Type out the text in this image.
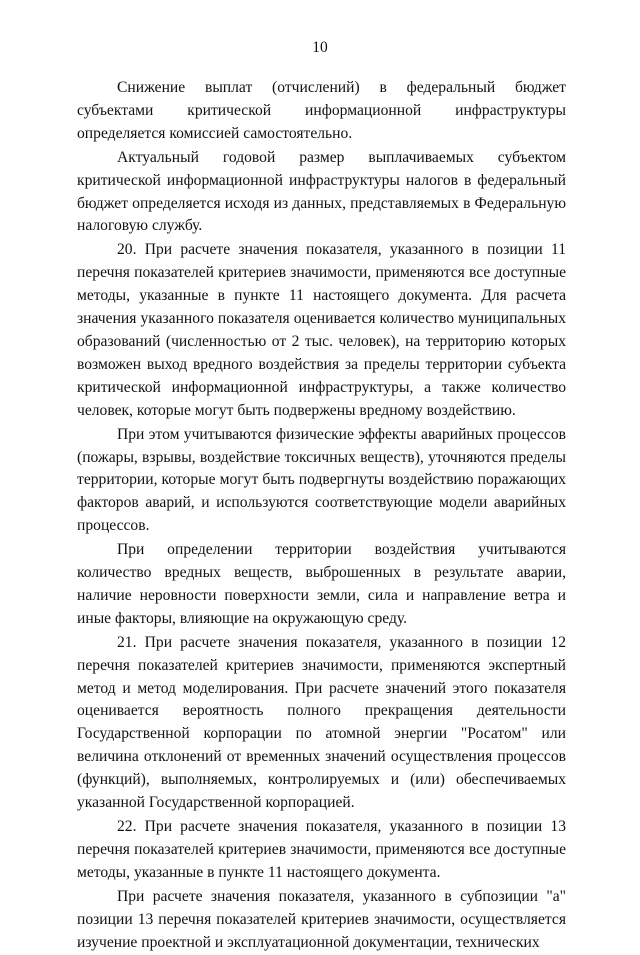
10

Снижение выплат (отчислений) в федеральный бюджет субъектами критической информационной инфраструктуры определяется комиссией самостоятельно.

Актуальный годовой размер выплачиваемых субъектом критической информационной инфраструктуры налогов в федеральный бюджет определяется исходя из данных, представляемых в Федеральную налоговую службу.

20. При расчете значения показателя, указанного в позиции 11 перечня показателей критериев значимости, применяются все доступные методы, указанные в пункте 11 настоящего документа. Для расчета значения указанного показателя оценивается количество муниципальных образований (численностью от 2 тыс. человек), на территорию которых возможен выход вредного воздействия за пределы территории субъекта критической информационной инфраструктуры, а также количество человек, которые могут быть подвержены вредному воздействию.

При этом учитываются физические эффекты аварийных процессов (пожары, взрывы, воздействие токсичных веществ), уточняются пределы территории, которые могут быть подвергнуты воздействию поражающих факторов аварий, и используются соответствующие модели аварийных процессов.

При определении территории воздействия учитываются количество вредных веществ, выброшенных в результате аварии, наличие неровности поверхности земли, сила и направление ветра и иные факторы, влияющие на окружающую среду.

21. При расчете значения показателя, указанного в позиции 12 перечня показателей критериев значимости, применяются экспертный метод и метод моделирования. При расчете значений этого показателя оценивается вероятность полного прекращения деятельности Государственной корпорации по атомной энергии "Росатом" или величина отклонений от временных значений осуществления процессов (функций), выполняемых, контролируемых и (или) обеспечиваемых указанной Государственной корпорацией.

22. При расчете значения показателя, указанного в позиции 13 перечня показателей критериев значимости, применяются все доступные методы, указанные в пункте 11 настоящего документа.

При расчете значения показателя, указанного в субпозиции "а" позиции 13 перечня показателей критериев значимости, осуществляется изучение проектной и эксплуатационной документации, технических
